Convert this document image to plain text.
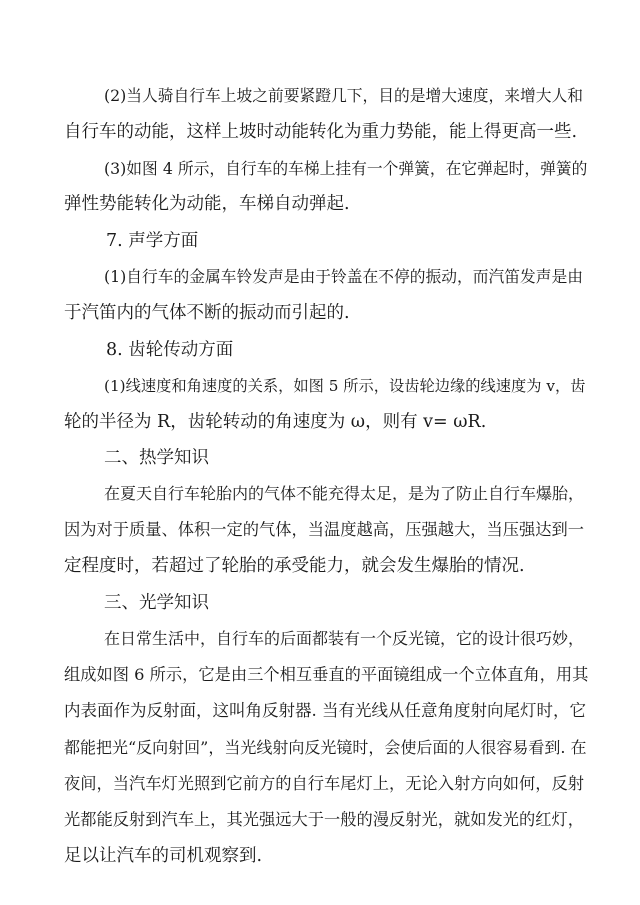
(2)当人骑自行车上坡之前要紧蹬几下，目的是增大速度，来增大人和
自行车的动能，这样上坡时动能转化为重力势能，能上得更高一些.
(3)如图 4 所示，自行车的车梯上挂有一个弹簧，在它弹起时，弹簧的
弹性势能转化为动能，车梯自动弹起.
7. 声学方面
(1)自行车的金属车铃发声是由于铃盖在不停的振动，而汽笛发声是由
于汽笛内的气体不断的振动而引起的.
8. 齿轮传动方面
(1)线速度和角速度的关系，如图 5 所示，设齿轮边缘的线速度为 v，齿
轮的半径为 R，齿轮转动的角速度为 ω，则有 v= ωR.
二、热学知识
在夏天自行车轮胎内的气体不能充得太足，是为了防止自行车爆胎，
因为对于质量、体积一定的气体，当温度越高，压强越大，当压强达到一
定程度时，若超过了轮胎的承受能力，就会发生爆胎的情况.
三、光学知识
在日常生活中，自行车的后面都装有一个反光镜，它的设计很巧妙，
组成如图 6 所示，它是由三个相互垂直的平面镜组成一个立体直角，用其
内表面作为反射面，这叫角反射器. 当有光线从任意角度射向尾灯时，它
都能把光“反向射回”，当光线射向反光镜时，会使后面的人很容易看到. 在
夜间，当汽车灯光照到它前方的自行车尾灯上，无论入射方向如何，反射
光都能反射到汽车上，其光强远大于一般的漫反射光，就如发光的红灯，
足以让汽车的司机观察到.
